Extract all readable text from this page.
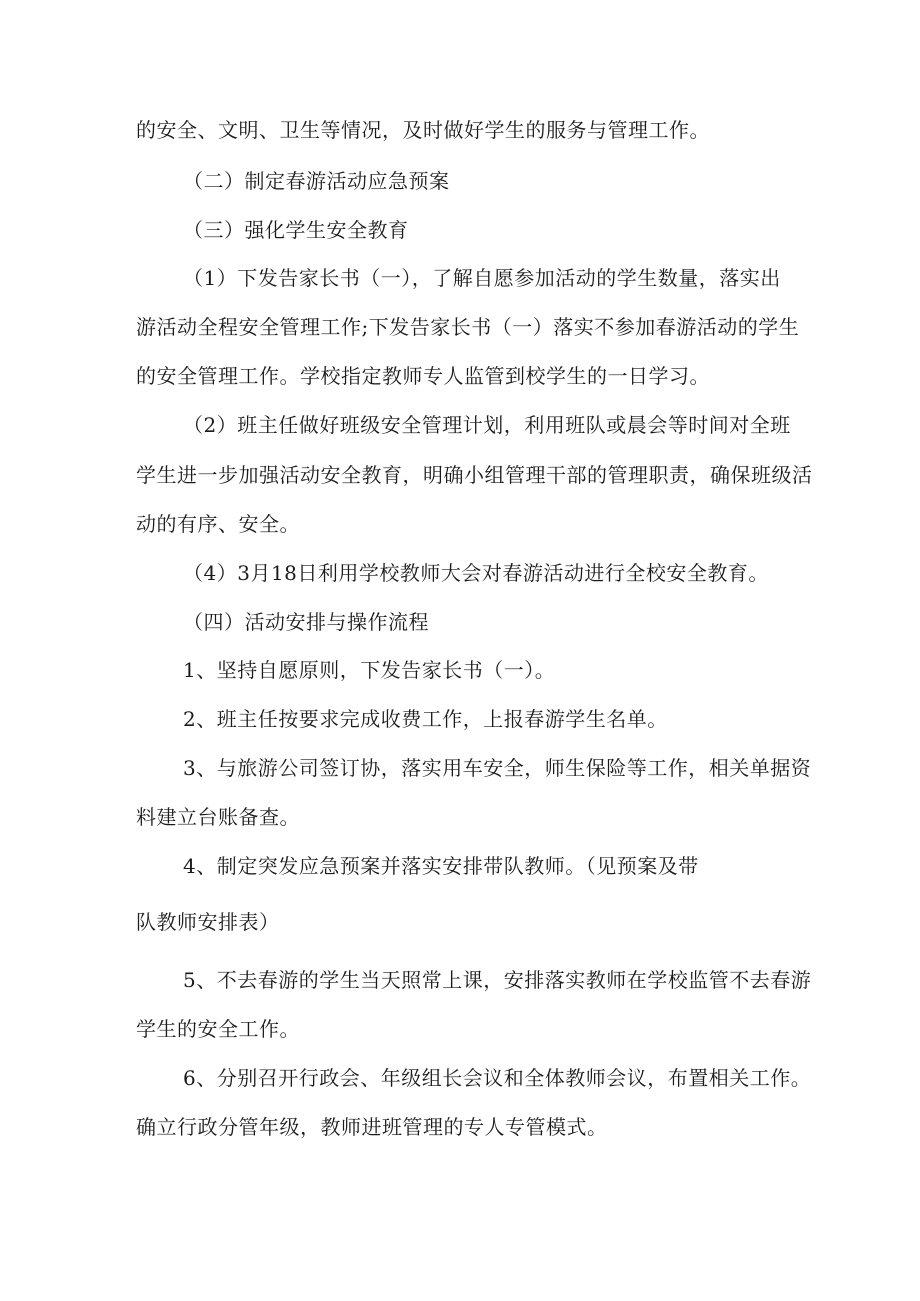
的安全、文明、卫生等情况，及时做好学生的服务与管理工作。
（二）制定春游活动应急预案
（三）强化学生安全教育
（1）下发告家长书（一），了解自愿参加活动的学生数量，落实出
游活动全程安全管理工作;下发告家长书（一）落实不参加春游活动的学生
的安全管理工作。学校指定教师专人监管到校学生的一日学习。
（2）班主任做好班级安全管理计划，利用班队或晨会等时间对全班
学生进一步加强活动安全教育，明确小组管理干部的管理职责，确保班级活
动的有序、安全。
（4）3月18日利用学校教师大会对春游活动进行全校安全教育。
（四）活动安排与操作流程
1、坚持自愿原则，下发告家长书（一）。
2、班主任按要求完成收费工作，上报春游学生名单。
3、与旅游公司签订协，落实用车安全，师生保险等工作，相关单据资
料建立台账备查。
4、制定突发应急预案并落实安排带队教师。（见预案及带
队教师安排表）
5、不去春游的学生当天照常上课，安排落实教师在学校监管不去春游
学生的安全工作。
6、分别召开行政会、年级组长会议和全体教师会议，布置相关工作。
确立行政分管年级，教师进班管理的专人专管模式。
